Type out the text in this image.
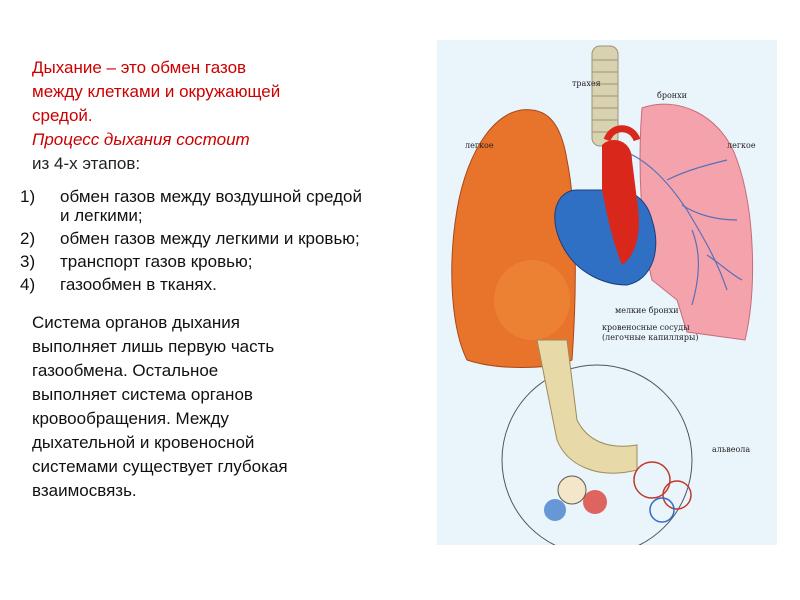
Дыхание – это обмен газов
между клетками и окружающей
средой.
Процесс дыхания состоит
из 4-х этапов:
1) обмен газов между воздушной средой
и легкими;
2) обмен газов между легкими и кровью;
3) транспорт газов кровью;
4) газообмен в тканях.
Система органов дыхания
выполняет лишь первую часть
газообмена. Остальное
выполняет система органов
кровообращения. Между
дыхательной и кровеносной
системами существует глубокая
взаимосвязь.
трахея
бронхи
легкое	легкое
мелкие бронхи
кровеносные сосуды
(легочные капилляры)
альвеола
